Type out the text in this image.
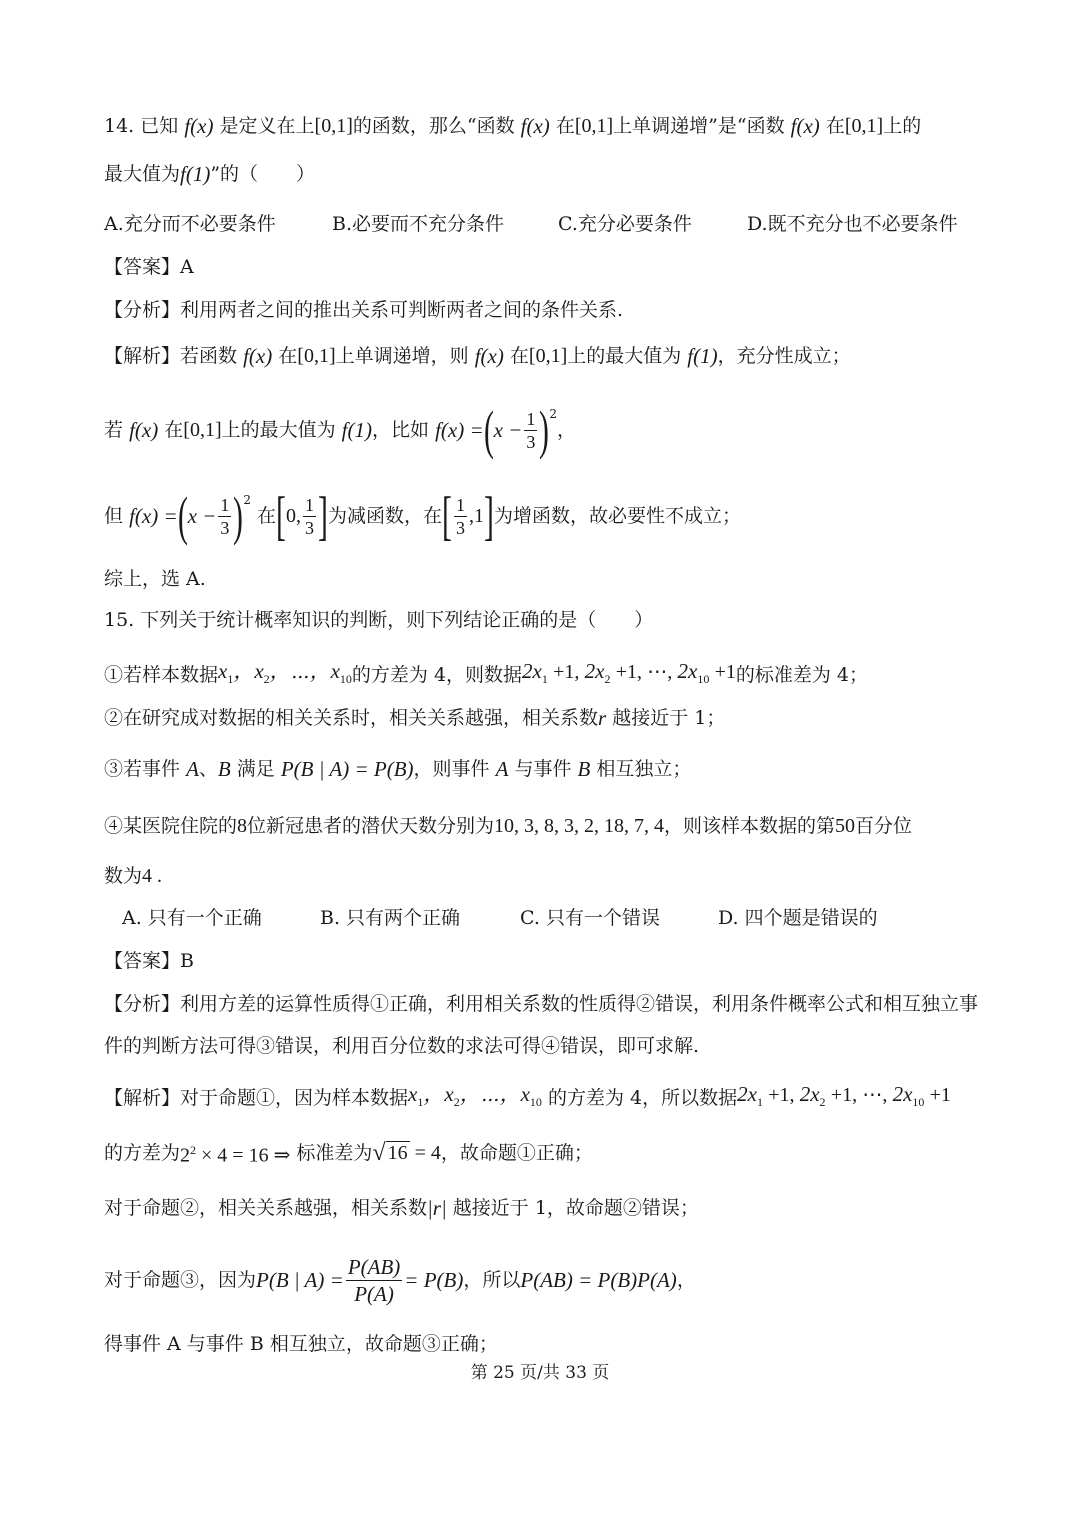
14. 已知
f(x)
是定义在上 [0,1] 的函数，那么“函数
f(x)
在 [0,1] 上单调递增”是“函数
f(x)
在 [0,1] 上的
最大值为 f(1) ”的（　　）
A.充分而不必要条件	B.必要而不充分条件	C.充分必要条件	D.既不充分也不必要条件
【答案】A
【分析】 利用两者之间的推出关系可判断两者之间的条件关系.
【解析】 若函数
f(x)
在 [0,1] 上单调递增，则
f(x)
在 [0,1] 上的最大值为
f(1) ，充分性成立；
若
f(x)
在 [0,1] 上的最大值为
f(1) ，比如
f(x) = ( $x - \frac{1}{3} )^2$
，
但
f(x) = ( $x - \frac{1}{3} )^2$

在 [ 0, $\frac{1}{3}$ ] 为减函数，在 [ $\frac{1}{3} ,1$ ] 为增函数，故必要性不成立；
综上，选 A.
15. 下列关于统计概率知识的判断，则下列结论正确的是（　　）
①若样本数据 $x_1$，$x_2$，⋯，$x_{10}$ 的方差为 4，则数据 $2x_1 +1$, $2x_2 +1$, ⋯, $2x_{10} +1$ 的标准差为 4；
②在研究成对数据的相关关系时，相关关系越强，相关系数 r
越接近于 1；
③若事件
A 、 B
满足
P(B | A) = P(B) ，则事件
A
与事件
B
相互独立；
④某医院住院的 8 位新冠患者的潜伏天数分别为 10, 3, 8, 3, 2, 18, 7, 4 ，则该样本数据的第 50 百分位
数为 4 .
A. 只有一个正确	B. 只有两个正确	C. 只有一个错误	D. 四个题是错误的
【答案】B
【分析】 利用方差的运算性质得①正确，利用相关系数的性质得②错误，利用条件概率公式和相互独立事
件的判断方法可得③错误，利用百分位数的求法可得④错误，即可求解.
【解析】 对于命题①，因为样本数据 $x_1$，$x_2$，⋯，$x_{10}$
的方差为 4，所以数据 $2x_1 +1$, $2x_2 +1$, ⋯, $2x_{10} +1$
的方差为 $2^2 \times 4 = 16$ ⇒
标准差为 √ 16 = 4 ，故命题①正确；
对于命题②，相关关系越强，相关系数 |r|
越接近于 1，故命题②错误；
对于命题③，因为 P(B | $A) = \frac{P(AB)}{P(A)} = P(B)$ ，所以 P(AB) = P(B)P(A) ，
得事件 A 与事件 B 相互独立，故命题③正确；
第 25 页/共 33 页
